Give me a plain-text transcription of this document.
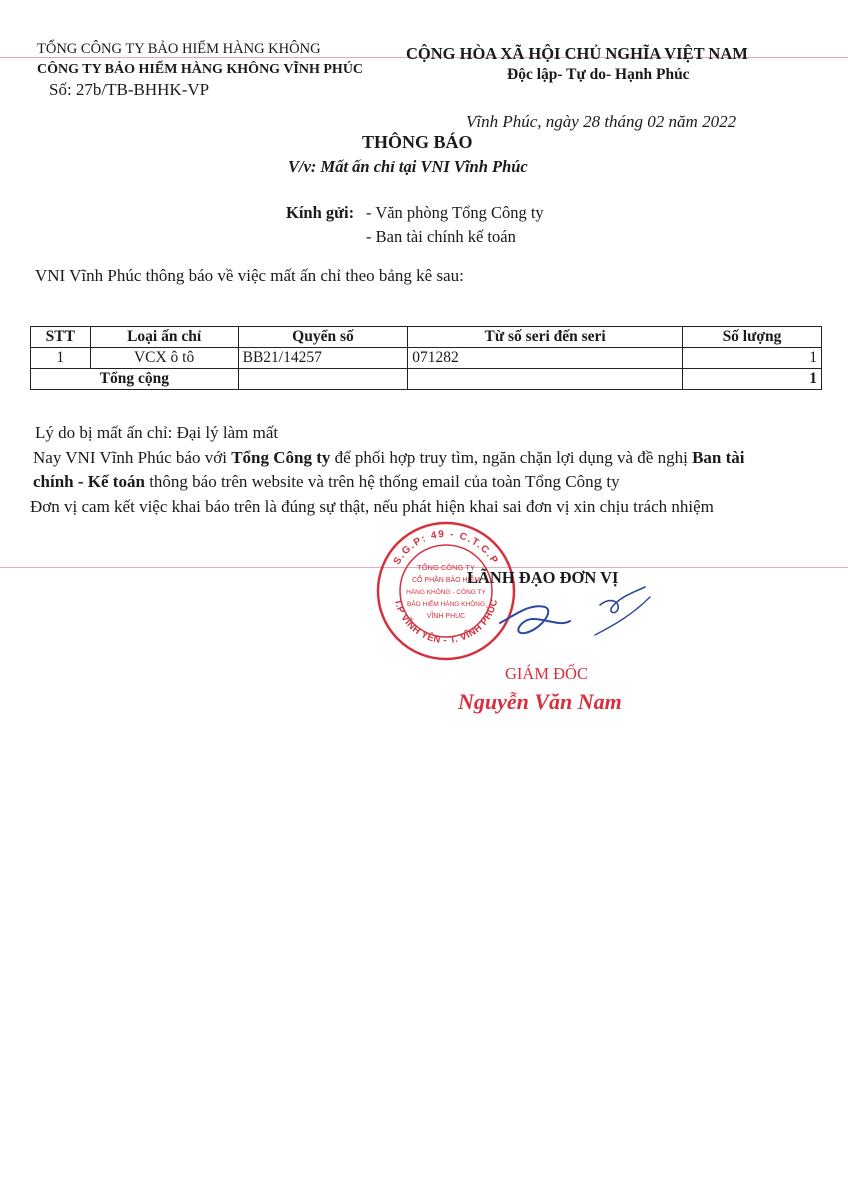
TỔNG CÔNG TY BẢO HIỂM HÀNG KHÔNG
CÔNG TY BẢO HIỂM HÀNG KHÔNG VĨNH PHÚC
Số: 27b/TB-BHHK-VP
CỘNG HÒA XÃ HỘI CHỦ NGHĨA VIỆT NAM
Độc lập- Tự do- Hạnh Phúc
Vĩnh Phúc, ngày 28 tháng 02 năm 2022
THÔNG BÁO
V/v: Mất ấn chỉ tại VNI Vĩnh Phúc
Kính gửi: - Văn phòng Tổng Công ty
- Ban tài chính kế toán
VNI Vĩnh Phúc thông báo về việc mất ấn chỉ theo bảng kê sau:
STT	Loại ấn chỉ	Quyển số	Từ số seri đến seri	Số lượng
1	VCX ô tô	BB21/14257	071282	1
Tổng cộng				1
Lý do bị mất ấn chỉ: Đại lý làm mất
Nay VNI Vĩnh Phúc báo với Tổng Công ty để phối hợp truy tìm, ngăn chặn lợi dụng và đề nghị Ban tài
chính - Kế toán thông báo trên website và trên hệ thống email của toàn Tổng Công ty
Đơn vị cam kết việc khai báo trên là đúng sự thật, nếu phát hiện khai sai đơn vị xin chịu trách nhiệm
S.G.P: 49 - C.T.C.P
T.P VĨNH YÊN - T. VĨNH PHÚC
TỔNG CÔNG TY
CỔ PHẦN BẢO HIỂM
HÀNG KHÔNG - CÔNG TY
BẢO HIỂM HÀNG KHÔNG
VĨNH PHÚC
LÃNH ĐẠO ĐƠN VỊ
GIÁM ĐỐC
Nguyễn Văn Nam
